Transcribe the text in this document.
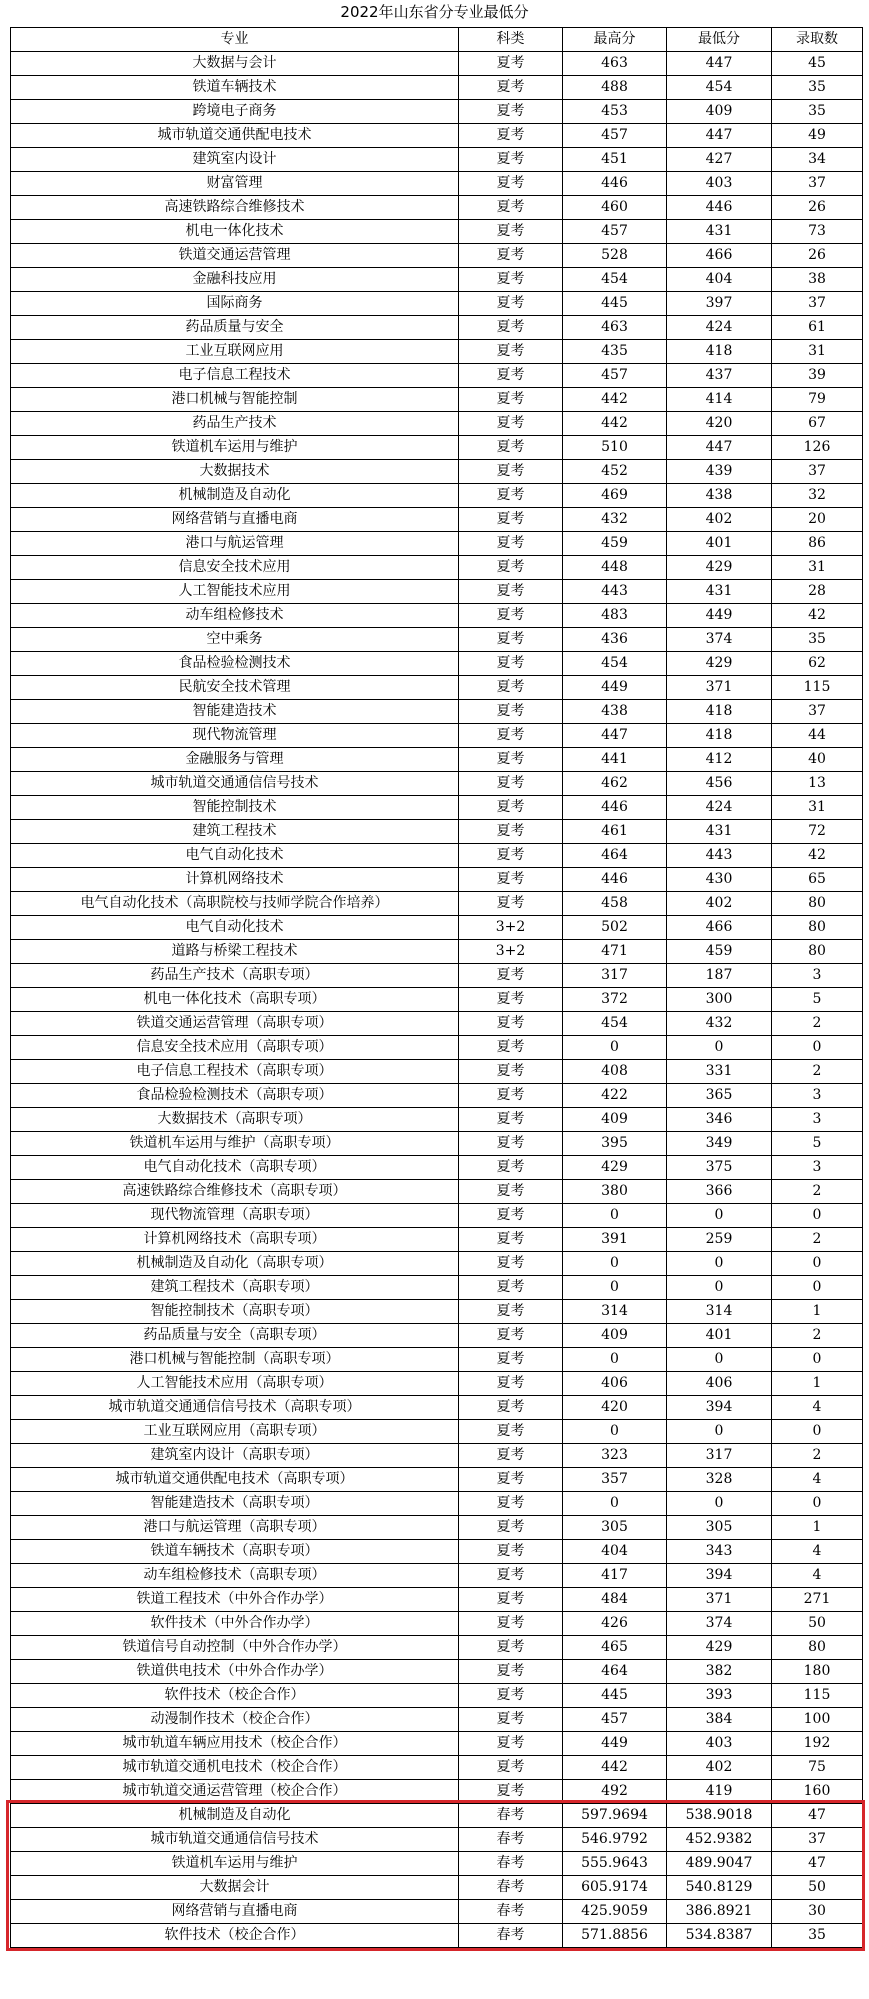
2022年山东省分专业最低分
专业	科类	最高分	最低分	录取数
大数据与会计	夏考	463	447	45
铁道车辆技术	夏考	488	454	35
跨境电子商务	夏考	453	409	35
城市轨道交通供配电技术	夏考	457	447	49
建筑室内设计	夏考	451	427	34
财富管理	夏考	446	403	37
高速铁路综合维修技术	夏考	460	446	26
机电一体化技术	夏考	457	431	73
铁道交通运营管理	夏考	528	466	26
金融科技应用	夏考	454	404	38
国际商务	夏考	445	397	37
药品质量与安全	夏考	463	424	61
工业互联网应用	夏考	435	418	31
电子信息工程技术	夏考	457	437	39
港口机械与智能控制	夏考	442	414	79
药品生产技术	夏考	442	420	67
铁道机车运用与维护	夏考	510	447	126
大数据技术	夏考	452	439	37
机械制造及自动化	夏考	469	438	32
网络营销与直播电商	夏考	432	402	20
港口与航运管理	夏考	459	401	86
信息安全技术应用	夏考	448	429	31
人工智能技术应用	夏考	443	431	28
动车组检修技术	夏考	483	449	42
空中乘务	夏考	436	374	35
食品检验检测技术	夏考	454	429	62
民航安全技术管理	夏考	449	371	115
智能建造技术	夏考	438	418	37
现代物流管理	夏考	447	418	44
金融服务与管理	夏考	441	412	40
城市轨道交通通信信号技术	夏考	462	456	13
智能控制技术	夏考	446	424	31
建筑工程技术	夏考	461	431	72
电气自动化技术	夏考	464	443	42
计算机网络技术	夏考	446	430	65
电气自动化技术（高职院校与技师学院合作培养）	夏考	458	402	80
电气自动化技术	3+2	502	466	80
道路与桥梁工程技术	3+2	471	459	80
药品生产技术（高职专项）	夏考	317	187	3
机电一体化技术（高职专项）	夏考	372	300	5
铁道交通运营管理（高职专项）	夏考	454	432	2
信息安全技术应用（高职专项）	夏考	0	0	0
电子信息工程技术（高职专项）	夏考	408	331	2
食品检验检测技术（高职专项）	夏考	422	365	3
大数据技术（高职专项）	夏考	409	346	3
铁道机车运用与维护（高职专项）	夏考	395	349	5
电气自动化技术（高职专项）	夏考	429	375	3
高速铁路综合维修技术（高职专项）	夏考	380	366	2
现代物流管理（高职专项）	夏考	0	0	0
计算机网络技术（高职专项）	夏考	391	259	2
机械制造及自动化（高职专项）	夏考	0	0	0
建筑工程技术（高职专项）	夏考	0	0	0
智能控制技术（高职专项）	夏考	314	314	1
药品质量与安全（高职专项）	夏考	409	401	2
港口机械与智能控制（高职专项）	夏考	0	0	0
人工智能技术应用（高职专项）	夏考	406	406	1
城市轨道交通通信信号技术（高职专项）	夏考	420	394	4
工业互联网应用（高职专项）	夏考	0	0	0
建筑室内设计（高职专项）	夏考	323	317	2
城市轨道交通供配电技术（高职专项）	夏考	357	328	4
智能建造技术（高职专项）	夏考	0	0	0
港口与航运管理（高职专项）	夏考	305	305	1
铁道车辆技术（高职专项）	夏考	404	343	4
动车组检修技术（高职专项）	夏考	417	394	4
铁道工程技术（中外合作办学）	夏考	484	371	271
软件技术（中外合作办学）	夏考	426	374	50
铁道信号自动控制（中外合作办学）	夏考	465	429	80
铁道供电技术（中外合作办学）	夏考	464	382	180
软件技术（校企合作）	夏考	445	393	115
动漫制作技术（校企合作）	夏考	457	384	100
城市轨道车辆应用技术（校企合作）	夏考	449	403	192
城市轨道交通机电技术（校企合作）	夏考	442	402	75
城市轨道交通运营管理（校企合作）	夏考	492	419	160
机械制造及自动化	春考	597.9694	538.9018	47
城市轨道交通通信信号技术	春考	546.9792	452.9382	37
铁道机车运用与维护	春考	555.9643	489.9047	47
大数据会计	春考	605.9174	540.8129	50
网络营销与直播电商	春考	425.9059	386.8921	30
软件技术（校企合作）	春考	571.8856	534.8387	35
